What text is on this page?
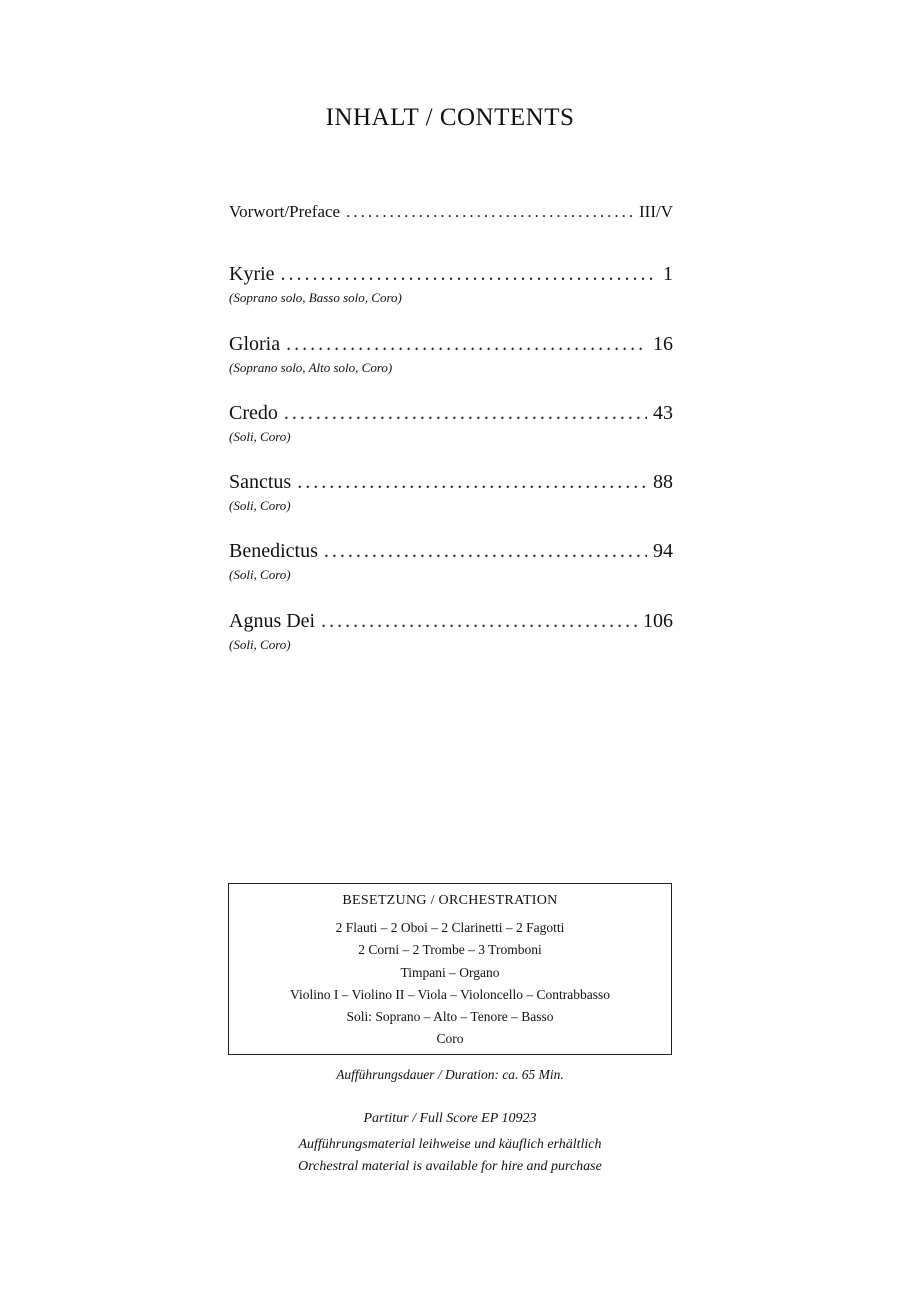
INHALT / CONTENTS
Vorwort/Preface .....	III/V
Kyrie .....	1
(Soprano solo, Basso solo, Coro)
Gloria .....	16
(Soprano solo, Alto solo, Coro)
Credo .....	43
(Soli, Coro)
Sanctus .....	88
(Soli, Coro)
Benedictus .....	94
(Soli, Coro)
Agnus Dei .....	106
(Soli, Coro)
BESETZUNG / ORCHESTRATION
2 Flauti – 2 Oboi – 2 Clarinetti – 2 Fagotti
2 Corni – 2 Trombe – 3 Tromboni
Timpani – Organo
Violino I – Violino II – Viola – Violoncello – Contrabbasso
Soli: Soprano – Alto – Tenore – Basso
Coro
Aufführungsdauer / Duration: ca. 65 Min.
Partitur / Full Score EP 10923
Aufführungsmaterial leihweise und käuflich erhältlich
Orchestral material is available for hire and purchase
